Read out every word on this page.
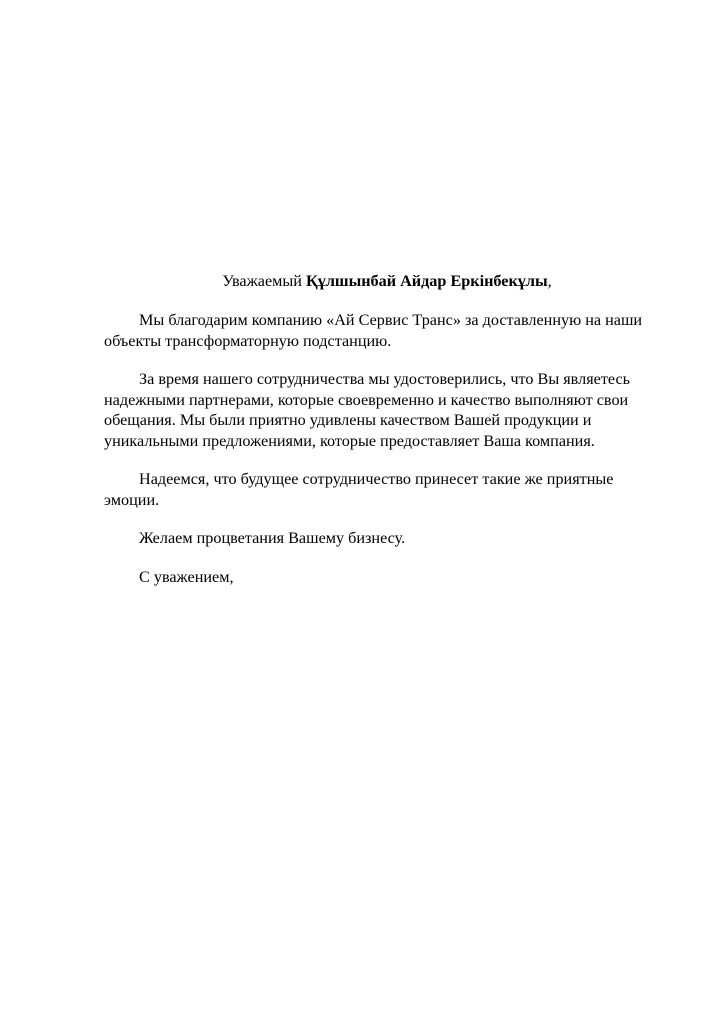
Уважаемый Құлшынбай Айдар Еркінбекұлы,

Мы благодарим компанию «Ай Сервис Транс» за доставленную на наши
объекты трансформаторную подстанцию.

За время нашего сотрудничества мы удостоверились, что Вы являетесь
надежными партнерами, которые своевременно и качество выполняют свои
обещания. Мы были приятно удивлены качеством Вашей продукции и
уникальными предложениями, которые предоставляет Ваша компания.

Надеемся, что будущее сотрудничество принесет такие же приятные
эмоции.

Желаем процветания Вашему бизнесу.

С уважением,
